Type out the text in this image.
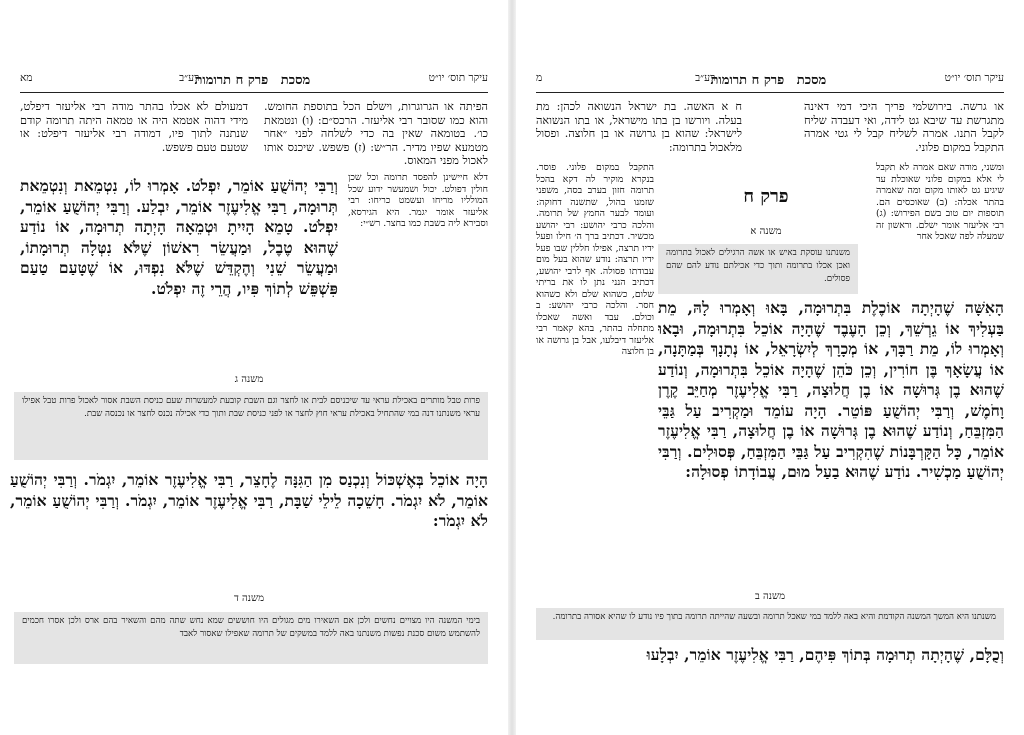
עיקר תוס׳ יו״ט
מסכת פרק ח תרומות
רע״ב
מא
הפיתה או הגרוגרות, וישלם הכל בתוספת החומש. והוא כמו שסובר רבי אליעזר. הרכס״ם: (ו) ונטמאת כו׳. בטומאה שאין בה כדי לשלחה לפני ״אחר מטמעא שפיו מדיר. הר״ש: (ז) פשפש. שיכנס אותו לאכול מפני המאוס.
דמעולם לא אכלו בהתר מודה רבי אליעזר דיפלט, מידי דהוה אטמא היה או טמאה היתה תרומה קודם שנתנה לתוך פיו, דמודה רבי אליעזר דיפלט: או שטעם טעם פשפש.
דלא חיישינן להפסד תרומה וכל שכן חולין דפולט. יכול ושמעשר ידוע שכל המולליו מריחו ועשמט כריחו: רבי אליעזר אומר יגמר. היא הגירסא, וסבירא ליה בשבת כמו בחצר. רש״י:
וְרַבִּי יְהוֹשֻׁעַ אוֹמֵר, יִפְלֹט. אָמְרוּ לוֹ, נִטְמֵאת וְנִטְמֵאת תְּרוּמָה, רַבִּי אֱלִיעֶזֶר אוֹמֵר, יִבְלַע. וְרַבִּי יְהוֹשֻׁעַ אוֹמֵר, יִפְלֹט. טָמֵא הָיִיתָ וּטְמֵאָה הָיְתָה תְרוּמָה, אוֹ נוֹדַע שֶׁהוּא טֶבֶל, וּמַעֲשֵׂר רִאשׁוֹן שֶׁלֹּא נִטְּלָה תְרוּמָתוֹ, וּמַעֲשֵׂר שֵׁנִי וְהֶקְדֵּשׁ שֶׁלֹּא נִפְדּוּ, אוֹ שֶׁטָּעַם טַעַם פִּשְׁפֵּשׁ לְתוֹךְ פִּיו, הֲרֵי זֶה יִפְלֹט.
משנה ג
פרות טבל מותרים באכילת עראי עד שיכניסם לבית או לחצר וגם השבת קובעת למעשרות שעם כניסת השבת אסור לאכול פרות טבל אפילו עראי משנתנו דנה במי שהתחיל באכילת עראי חוץ לחצר או לפני כניסת שבת ותוך כדי אכילה נכנס לחצר או נכנסה שבת.
הָיָה אוֹכֵל בְּאֶשְׁכּוֹל וְנִכְנַס מִן הַגִּנָּה לֶחָצֵר, רַבִּי אֱלִיעֶזֶר אוֹמֵר, יִגְמֹר. וְרַבִּי יְהוֹשֻׁעַ אוֹמֵר, לֹא יִגְמֹר. חָשֵׁכָה לֵילֵי שַׁבָּת, רַבִּי אֱלִיעֶזֶר אוֹמֵר, יִגְמֹר. וְרַבִּי יְהוֹשֻׁעַ אוֹמֵר, לֹא יִגְמֹר:
משנה ד
בימי המשנה היו מצויים נחשים ולכן אם השאירו מים מגולים היו חוששים שמא נחש שתה מהם והשאיר בהם ארס ולכן אסרו חכמים להשתמש משום סכנת נפשות משנתנו באה ללמד במשקים של תרומה שאפילו שאסור לאבד
עיקר תוס׳ יו״ט
מסכת פרק ח תרומות
רע״ב
מ
ח א האשה. בת ישראל הנשואה לכהן: מת בעלה. ויורשו בן בתו מישראל, או בתו הנשואה לישראל: שהוא בן גרושה או בן חלוצה. ופסול מלאכול בתרומה:
או גרשה. בירושלמי פריך היכי דמי דאינה מתגרשת עד שיבא גט לידה, ואי דעבדה שליח לקבל התנו. אמרה לשליח קבל לי גטי אמרה התקבל במקום פלוני.
ומשני, מודה שאם אמרה לא תקבל לי אלא במקום פלוני שאוכלת עד שיגיע גט לאותו מקום ומה שאמרה בהתר אכלה: (ב) שאוכסים הם. תוספות יום טוב בשם הפירוש: (ג) רבי אליעזר אומר ישלם. וראשון זה שמעלה לפה שאכל אחר
התקבל במקום פלוני. פוסר. בנקרא מוקיר לה דקא בהכל תרומה חזון בערב בסה, משפני שזמנו בהול, שתשנה דחוקה: ועומד לבער החמץ של תרומה. והלכה כרבי יהושע: רבי יהושע מכשיר. דכתיב ברך ה׳ חילו ופעל ידיו תרצה, אפילו חללין שבו פעל ידיו תרצה: נודע שהוא בעל מום עבודתו פסולה. אף לרבי יהושע, דכתיב הנני נתן לו את בריתי שלום, כשהוא שלם ולא כשהוא חסר. והלכה כרבי יהושע: ב וכולם. עבד ואשה שאכלו מתחלה בהתר, בהא קאמר רבי אליעזר דיבלעו, אבל בן גרושה או בן חלוצה
פרק ח
משנה א
משנתנו עוסקת באיש או אשה הרגילים לאכול בתרומה ואכן אכלו בתרומה ותוך כדי אכילתם נודע להם שהם פסולים.
הָאִשָּׁה שֶׁהָיְתָה אוֹכֶלֶת בִּתְרוּמָה, בָּאוּ וְאָמְרוּ לָהּ, מֵת בַּעְלִיךְ אוֹ גֵרְשֵׁךְ, וְכֵן הָעֶבֶד שֶׁהָיָה אוֹכֵל בִּתְרוּמָה, וּבָאוּ וְאָמְרוּ לוֹ, מֵת רַבָּךְ, אוֹ מְכָרָךְ לְיִשְׂרָאֵל, אוֹ נְתָנָךְ בְּמַתָּנָה, אוֹ עֲשָׂאָךְ בֶּן חוֹרִין, וְכֵן כֹּהֵן שֶׁהָיָה אוֹכֵל בִּתְרוּמָה, וְנוֹדַע שֶׁהוּא בֶן גְּרוּשָׁה אוֹ בֶן חֲלוּצָה, רַבִּי אֱלִיעֶזֶר מְחַיֵּב קֶרֶן וָחֹמֶשׁ, וְרַבִּי יְהוֹשֻׁעַ פּוֹטֵר. הָיָה עוֹמֵד וּמַקְרִיב עַל גַּבֵּי הַמִּזְבֵּחַ, וְנוֹדַע שֶׁהוּא בֶן גְּרוּשָׁה אוֹ בֶן חֲלוּצָה, רַבִּי אֱלִיעֶזֶר אוֹמֵר, כָּל הַקָּרְבָּנוֹת שֶׁהִקְרִיב עַל גַּבֵּי הַמִּזְבֵּחַ, פְּסוּלִים. וְרַבִּי יְהוֹשֻׁעַ מַכְשִׁיר. נוֹדַע שֶׁהוּא בַעַל מוּם, עֲבוֹדָתוֹ פְסוּלָה:
משנה ב
משנתנו היא המשך המשנה הקודמת והיא באה ללמד במי שאכל תרומה ובשעה שהייתה תרומה בתוך פיו נודע לו שהיא אסורה בתרומה.
וְכֻלָּם, שֶׁהָיְתָה תְרוּמָה בְּתוֹךְ פִּיהֶם, רַבִּי אֱלִיעֶזֶר אוֹמֵר, יִבְלָעוּ
